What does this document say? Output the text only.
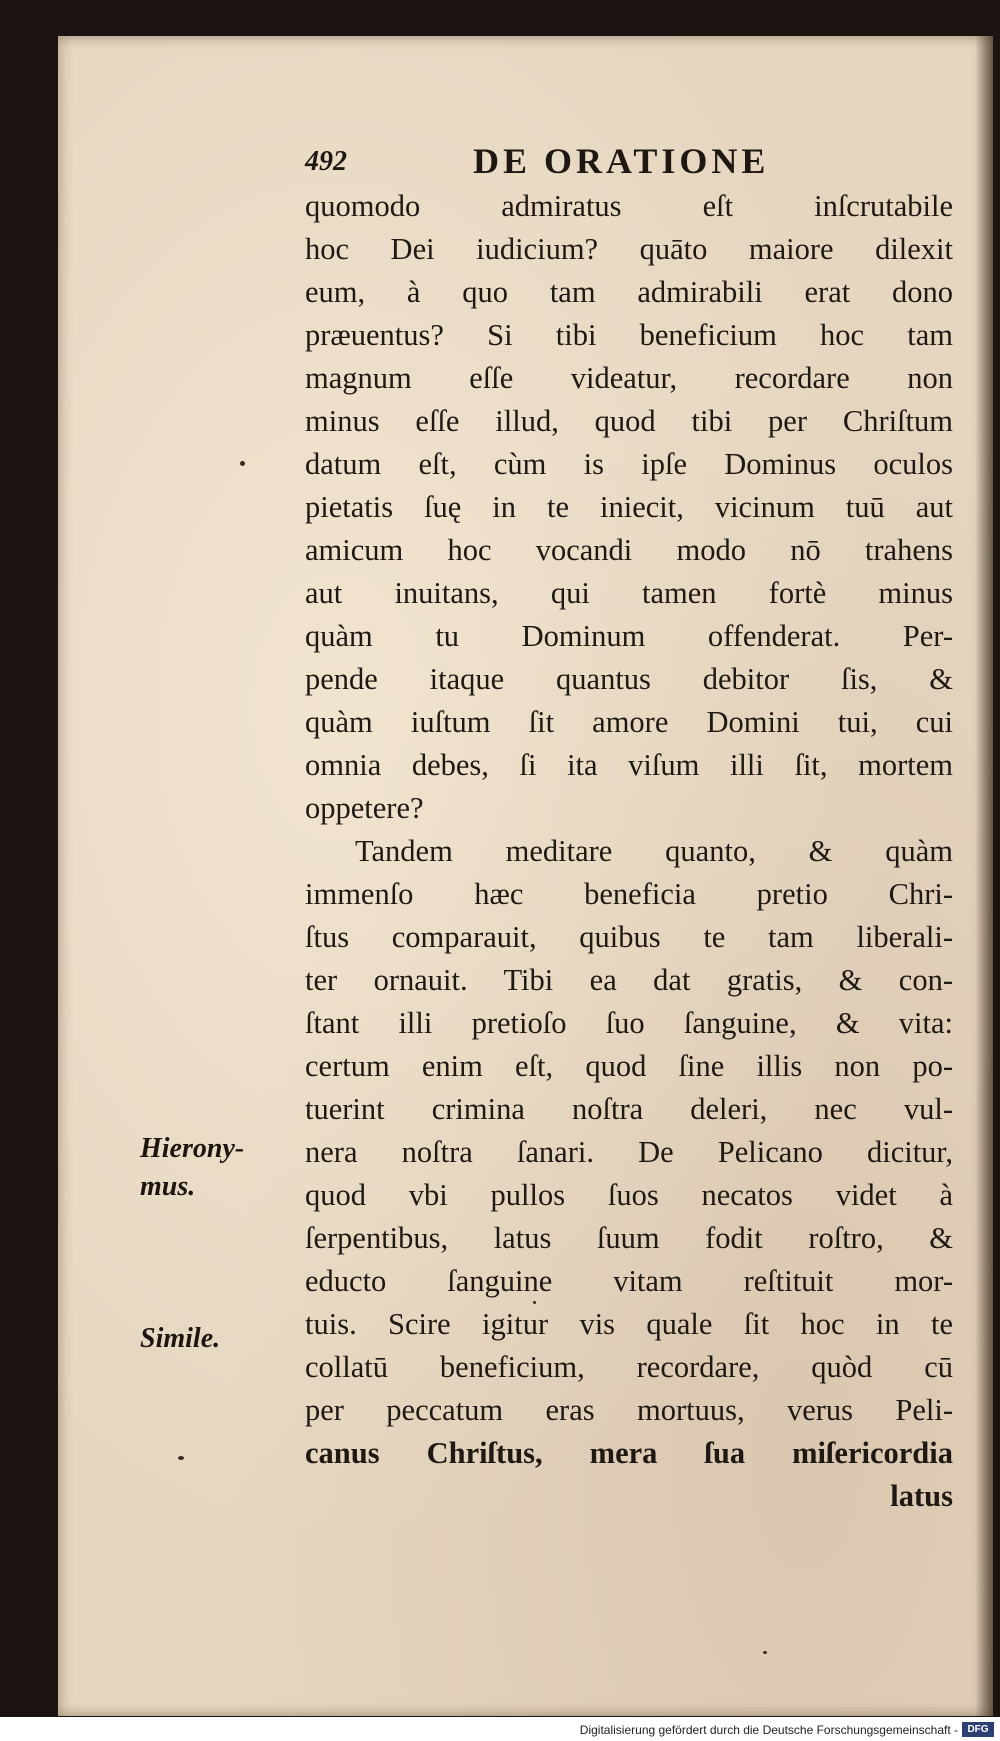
492	DE ORATIONE
quomodo admiratus eſt inſcrutabile
hoc Dei iudicium? quāto maiore dilexit
eum, à quo tam admirabili erat dono
præuentus? Si tibi beneficium hoc tam
magnum eſſe videatur, recordare non
minus eſſe illud, quod tibi per Chriſtum
datum eſt, cùm is ipſe Dominus oculos
pietatis ſuę in te iniecit, vicinum tuū aut
amicum hoc vocandi modo nō trahens
aut inuitans, qui tamen fortè minus
quàm tu Dominum offenderat. Per-
pende itaque quantus debitor ſis, &
quàm iuſtum ſit amore Domini tui, cui
omnia debes, ſi ita viſum illi ſit, mortem
oppetere?
Tandem meditare quanto, & quàm
immenſo hæc beneficia pretio Chri-
ſtus comparauit, quibus te tam liberali-
ter ornauit. Tibi ea dat gratis, & con-
ſtant illi pretioſo ſuo ſanguine, & vita:
certum enim eſt, quod ſine illis non po-
tuerint crimina noſtra deleri, nec vul-
nera noſtra ſanari. De Pelicano dicitur,
quod vbi pullos ſuos necatos videt à
ſerpentibus, latus ſuum fodit roſtro, &
educto ſanguine vitam reſtituit mor-
tuis. Scire igitur vis quale ſit hoc in te
collatū beneficium, recordare, quòd cū
per peccatum eras mortuus, verus Peli-
canus Chriſtus, mera ſua miſericordia
latus
Hierony-
mus.
Simile.
Digitalisierung gefördert durch die Deutsche Forschungsgemeinschaft - DFG
